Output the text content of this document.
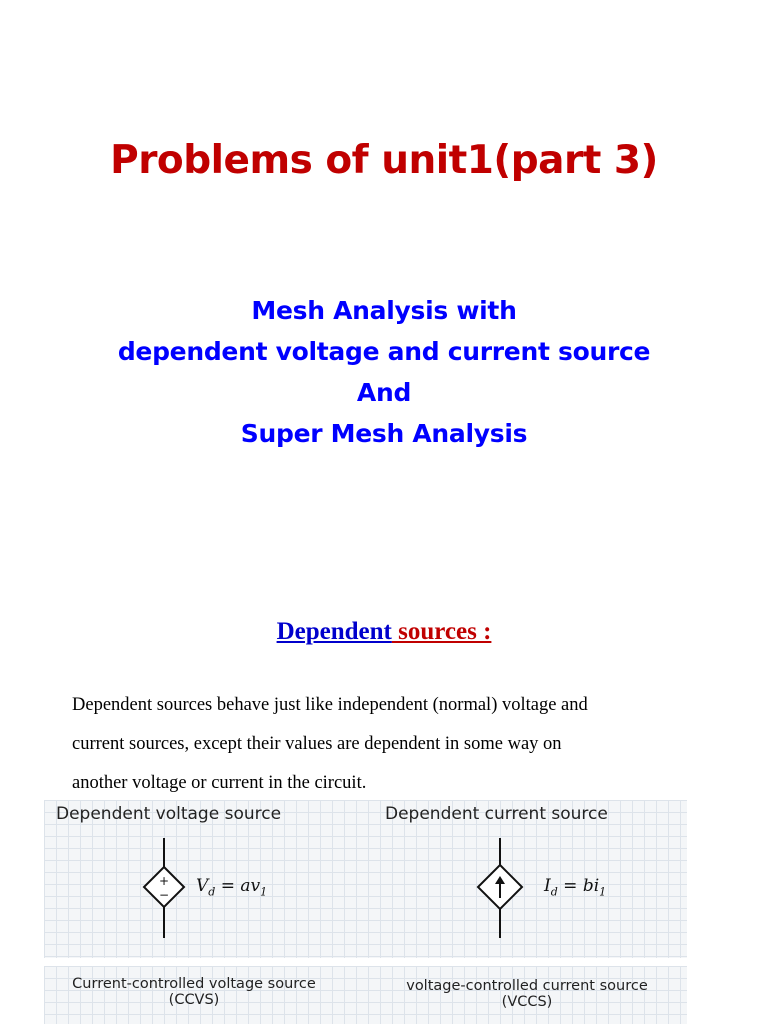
Problems of unit1(part 3)
Mesh Analysis with
dependent voltage and current source
And
Super Mesh Analysis
Dependent sources :
Dependent sources behave just like independent (normal) voltage and
current sources, except their values are dependent in some way on
another voltage or current in the circuit.
Dependent voltage source	Dependent current source
+
− $V_d = av_1$	$I_d = bi_1$
Current-controlled voltage source
(CCVS)
voltage-controlled current source
(VCCS)
